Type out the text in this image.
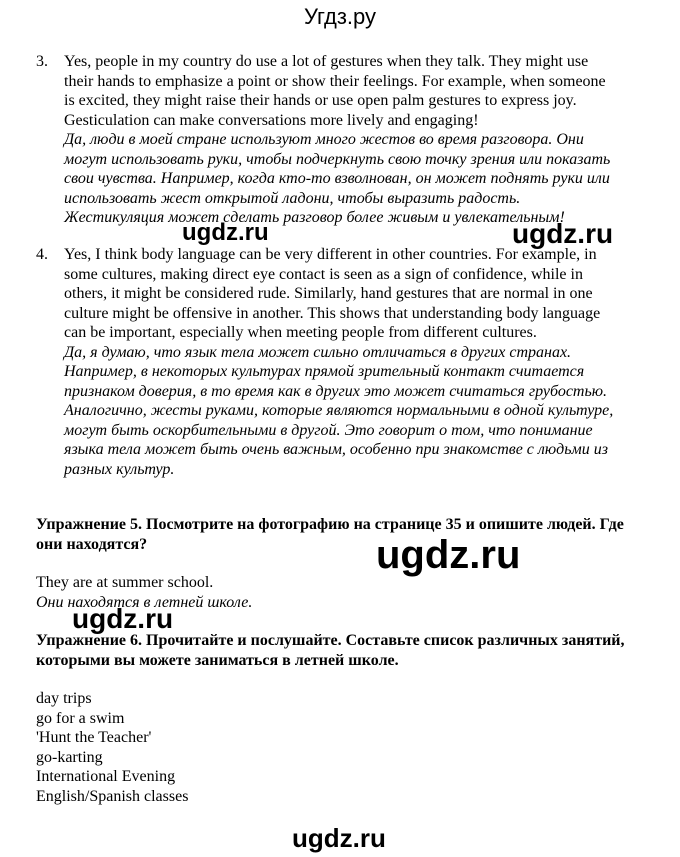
Угдз.ру
3. Yes, people in my country do use a lot of gestures when they talk. They might use their hands to emphasize a point or show their feelings. For example, when someone is excited, they might raise their hands or use open palm gestures to express joy. Gesticulation can make conversations more lively and engaging!
Да, люди в моей стране используют много жестов во время разговора. Они могут использовать руки, чтобы подчеркнуть свою точку зрения или показать свои чувства. Например, когда кто-то взволнован, он может поднять руки или использовать жест открытой ладони, чтобы выразить радость. Жестикуляция может сделать разговор более живым и увлекательным!
4. Yes, I think body language can be very different in other countries. For example, in some cultures, making direct eye contact is seen as a sign of confidence, while in others, it might be considered rude. Similarly, hand gestures that are normal in one culture might be offensive in another. This shows that understanding body language can be important, especially when meeting people from different cultures.
Да, я думаю, что язык тела может сильно отличаться в других странах. Например, в некоторых культурах прямой зрительный контакт считается признаком доверия, в то время как в других это может считаться грубостью. Аналогично, жесты руками, которые являются нормальными в одной культуре, могут быть оскорбительными в другой. Это говорит о том, что понимание языка тела может быть очень важным, особенно при знакомстве с людьми из разных культур.
Упражнение 5. Посмотрите на фотографию на странице 35 и опишите людей. Где они находятся?
They are at summer school.
Они находятся в летней школе.
Упражнение 6. Прочитайте и послушайте. Составьте список различных занятий, которыми вы можете заниматься в летней школе.
day trips
go for a swim
'Hunt the Teacher'
go-karting
International Evening
English/Spanish classes
ugdz.ru	ugdz.ru
ugdz.ru
ugdz.ru
ugdz.ru
